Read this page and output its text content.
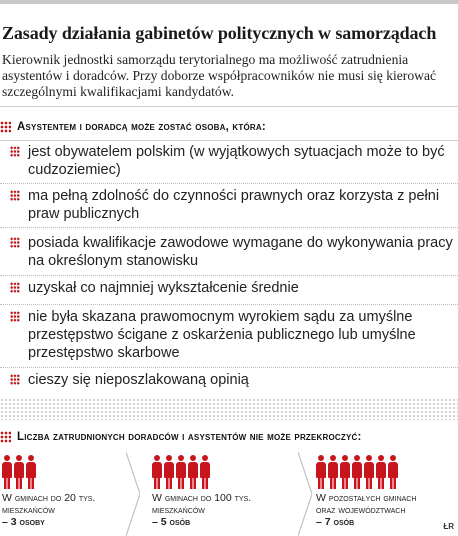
Zasady działania gabinetów politycznych w samorządach
Kierownik jednostki samorządu terytorialnego ma możliwość zatrudnienia asystentów i doradców. Przy doborze współpracowników nie musi się kierować szczególnymi kwalifikacjami kandydatów.
Asystentem i doradcą może zostać osoba, która:
jest obywatelem polskim (w wyjątkowych sytuacjach może to być cudzoziemiec)
ma pełną zdolność do czynności prawnych oraz korzysta z pełni praw publicznych
posiada kwalifikacje zawodowe wymagane do wykonywania pracy na określonym stanowisku
uzyskał co najmniej wykształcenie średnie
nie była skazana prawomocnym wyrokiem sądu za umyślne przestępstwo ścigane z oskarżenia publicznego lub umyślne przestępstwo skarbowe
cieszy się nieposzlakowaną opinią
Liczba zatrudnionych doradców i asystentów nie może przekroczyć:
W gminach do 20 tys.
mieszkańców
– 3 osoby
W gminach do 100 tys.
mieszkańców
– 5 osób
W pozostałych gminach
oraz województwach
– 7 osób	ŁR
